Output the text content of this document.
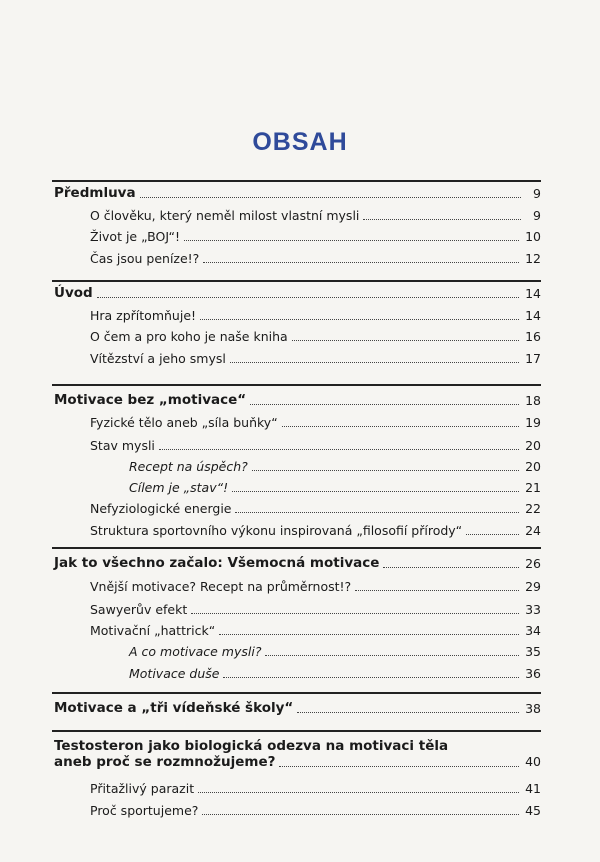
OBSAH
Předmluva	9
O člověku, který neměl milost vlastní mysli	9
Život je „BOJ“!	10
Čas jsou peníze!?	12
Úvod	14
Hra zpřítomňuje!	14
O čem a pro koho je naše kniha	16
Vítězství a jeho smysl	17
Motivace bez „motivace“	18
Fyzické tělo aneb „síla buňky“	19
Stav mysli	20
Recept na úspěch?	20
Cílem je „stav“!	21
Nefyziologické energie	22
Struktura sportovního výkonu inspirovaná „filosofií přírody“	24
Jak to všechno začalo: Všemocná motivace	26
Vnější motivace? Recept na průměrnost!?	29
Sawyerův efekt	33
Motivační „hattrick“	34
A co motivace mysli?	35
Motivace duše	36
Motivace a „tři vídeňské školy“	38
Testosteron jako biologická odezva na motivaci těla
aneb proč se rozmnožujeme?	40
Přitažlivý parazit	41
Proč sportujeme?	45
